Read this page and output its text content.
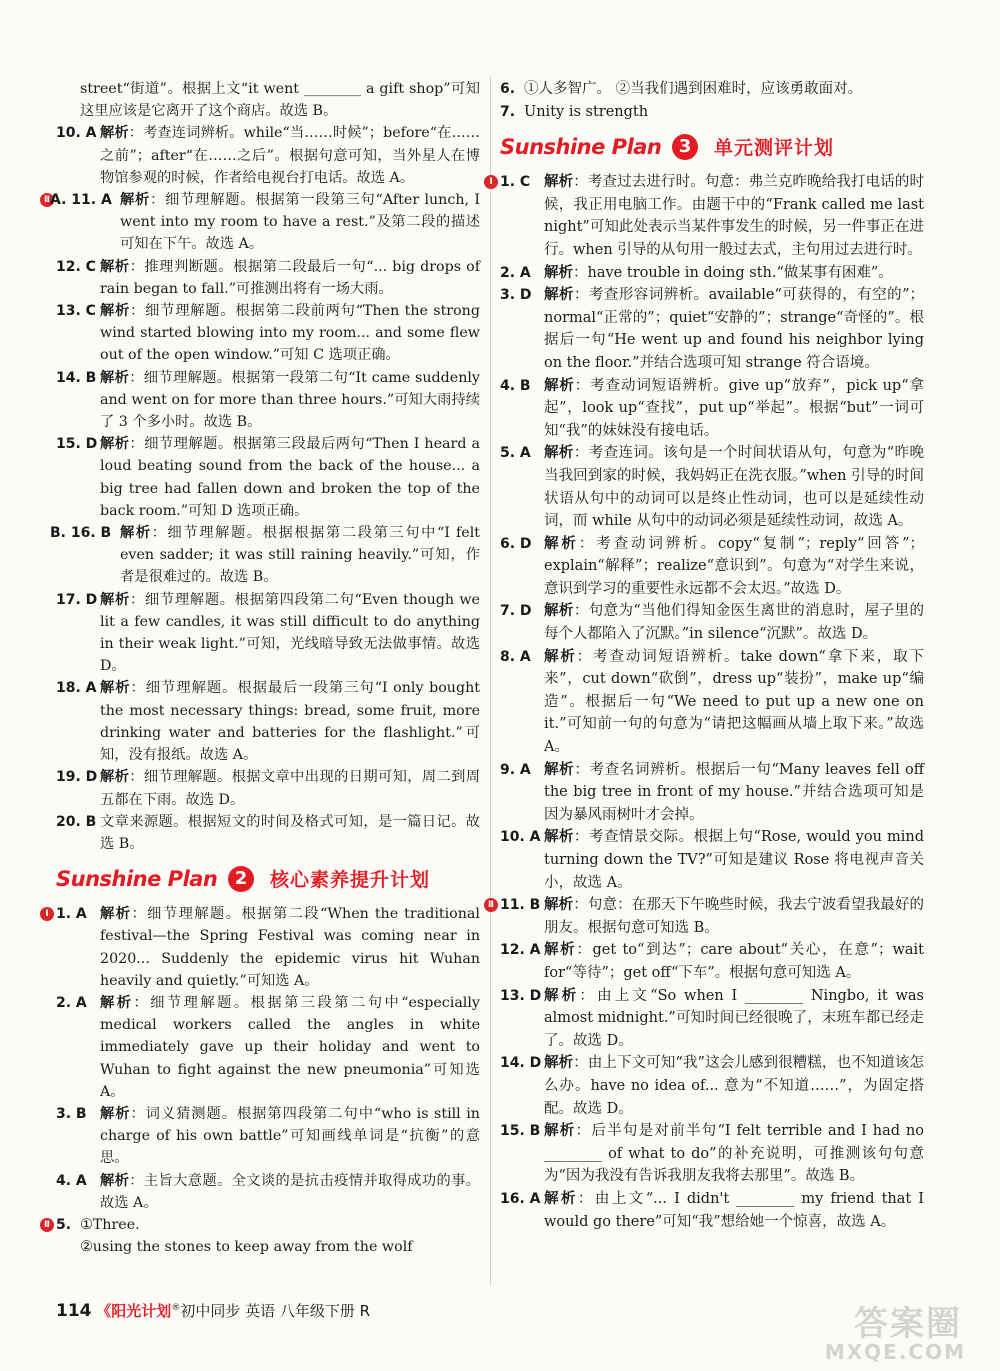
street“街道”。根据上文“it went ________ a gift shop”可知这里应该是它离开了这个商店。故选 B。

10. A 解析：考查连词辨析。while“当……时候”；before“在……之前”；after“在……之后”。根据句意可知，当外星人在博物馆参观的时候，作者给电视台打电话。故选 A。

Ⅱ A. 11. A 解析：细节理解题。根据第一段第三句“After lunch, I went into my room to have a rest.”及第二段的描述可知在下午。故选 A。

12. C 解析：推理判断题。根据第二段最后一句“... big drops of rain began to fall.”可推测出将有一场大雨。

13. C 解析：细节理解题。根据第二段前两句“Then the strong wind started blowing into my room... and some flew out of the open window.”可知 C 选项正确。

14. B 解析：细节理解题。根据第一段第二句“It came suddenly and went on for more than three hours.”可知大雨持续了 3 个多小时。故选 B。

15. D 解析：细节理解题。根据第三段最后两句“Then I heard a loud beating sound from the back of the house... a big tree had fallen down and broken the top of the back room.”可知 D 选项正确。

B. 16. B 解析：细节理解题。根据根据第二段第三句中“I felt even sadder; it was still raining heavily.”可知，作者是很难过的。故选 B。

17. D 解析：细节理解题。根据第四段第二句“Even though we lit a few candles, it was still difficult to do anything in their weak light.”可知，光线暗导致无法做事情。故选 D。

18. A 解析：细节理解题。根据最后一段第三句“I only bought the most necessary things: bread, some fruit, more drinking water and batteries for the flashlight.”可知，没有报纸。故选 A。

19. D 解析：细节理解题。根据文章中出现的日期可知，周二到周五都在下雨。故选 D。

20. B 文章来源题。根据短文的时间及格式可知，是一篇日记。故选 B。

Sunshine Plan 2	核心素养提升计划

Ⅰ 1. A 解析：细节理解题。根据第二段“When the traditional festival—the Spring Festival was coming near in 2020... Suddenly the epidemic virus hit Wuhan heavily and quietly.”可知选 A。

2. A 解析：细节理解题。根据第三段第二句中“especially medical workers called the angles in white immediately gave up their holiday and went to Wuhan to fight against the new pneumonia”可知选 A。

3. B 解析：词义猜测题。根据第四段第二句中“who is still in charge of his own battle”可知画线单词是“抗衡”的意思。

4. A 解析：主旨大意题。全文谈的是抗击疫情并取得成功的事。故选 A。

Ⅱ 5. ①Three.

②using the stones to keep away from the wolf

6. ①人多智广。 ②当我们遇到困难时，应该勇敢面对。

7. Unity is strength

Sunshine Plan 3	单元测评计划

Ⅰ 1. C 解析：考查过去进行时。句意：弗兰克昨晚给我打电话的时候，我正用电脑工作。由题干中的“Frank called me last night”可知此处表示当某件事发生的时候，另一件事正在进行。when 引导的从句用一般过去式，主句用过去进行时。

2. A 解析：have trouble in doing sth.“做某事有困难”。

3. D 解析：考查形容词辨析。available“可获得的，有空的”；normal“正常的”；quiet“安静的”；strange“奇怪的”。根据后一句“He went up and found his neighbor lying on the floor.”并结合选项可知 strange 符合语境。

4. B 解析：考查动词短语辨析。give up“放弃”，pick up“拿起”，look up“查找”，put up“举起”。根据“but”一词可知“我”的妹妹没有接电话。

5. A 解析：考查连词。该句是一个时间状语从句，句意为“昨晚当我回到家的时候，我妈妈正在洗衣服。”when 引导的时间状语从句中的动词可以是终止性动词，也可以是延续性动词，而 while 从句中的动词必须是延续性动词，故选 A。

6. D 解析：考查动词辨析。copy“复制”；reply“回答”；explain“解释”；realize“意识到”。句意为“对学生来说，意识到学习的重要性永远都不会太迟。”故选 D。

7. D 解析：句意为“当他们得知金医生离世的消息时，屋子里的每个人都陷入了沉默。”in silence“沉默”。故选 D。

8. A 解析：考查动词短语辨析。take down“拿下来，取下来”，cut down“砍倒”，dress up“装扮”，make up“编造”。根据后一句“We need to put up a new one on it.”可知前一句的句意为“请把这幅画从墙上取下来。”故选 A。

9. A 解析：考查名词辨析。根据后一句“Many leaves fell off the big tree in front of my house.”并结合选项可知是因为暴风雨树叶才会掉。

10. A 解析：考查情景交际。根据上句“Rose, would you mind turning down the TV?”可知是建议 Rose 将电视声音关小，故选 A。

Ⅱ 11. B 解析：句意：在那天下午晚些时候，我去宁波看望我最好的朋友。根据句意可知选 B。

12. A 解析：get to“到达”；care about“关心，在意”；wait for“等待”；get off“下车”。根据句意可知选 A。

13. D 解析：由上文“So when I ________ Ningbo, it was almost midnight.”可知时间已经很晚了，末班车都已经走了。故选 D。

14. D 解析：由上下文可知“我”这会儿感到很糟糕，也不知道该怎么办。have no idea of... 意为“不知道……”，为固定搭配。故选 D。

15. B 解析：后半句是对前半句“I felt terrible and I had no ________ of what to do”的补充说明，可推测该句句意为“因为我没有告诉我朋友我将去那里”。故选 B。

16. A 解析：由上文“... I didn't ________ my friend that I would go there”可知“我”想给她一个惊喜，故选 A。

114 《阳光计划®初中同步 英语 八年级下册 R	答案圈
MXQE.COM
